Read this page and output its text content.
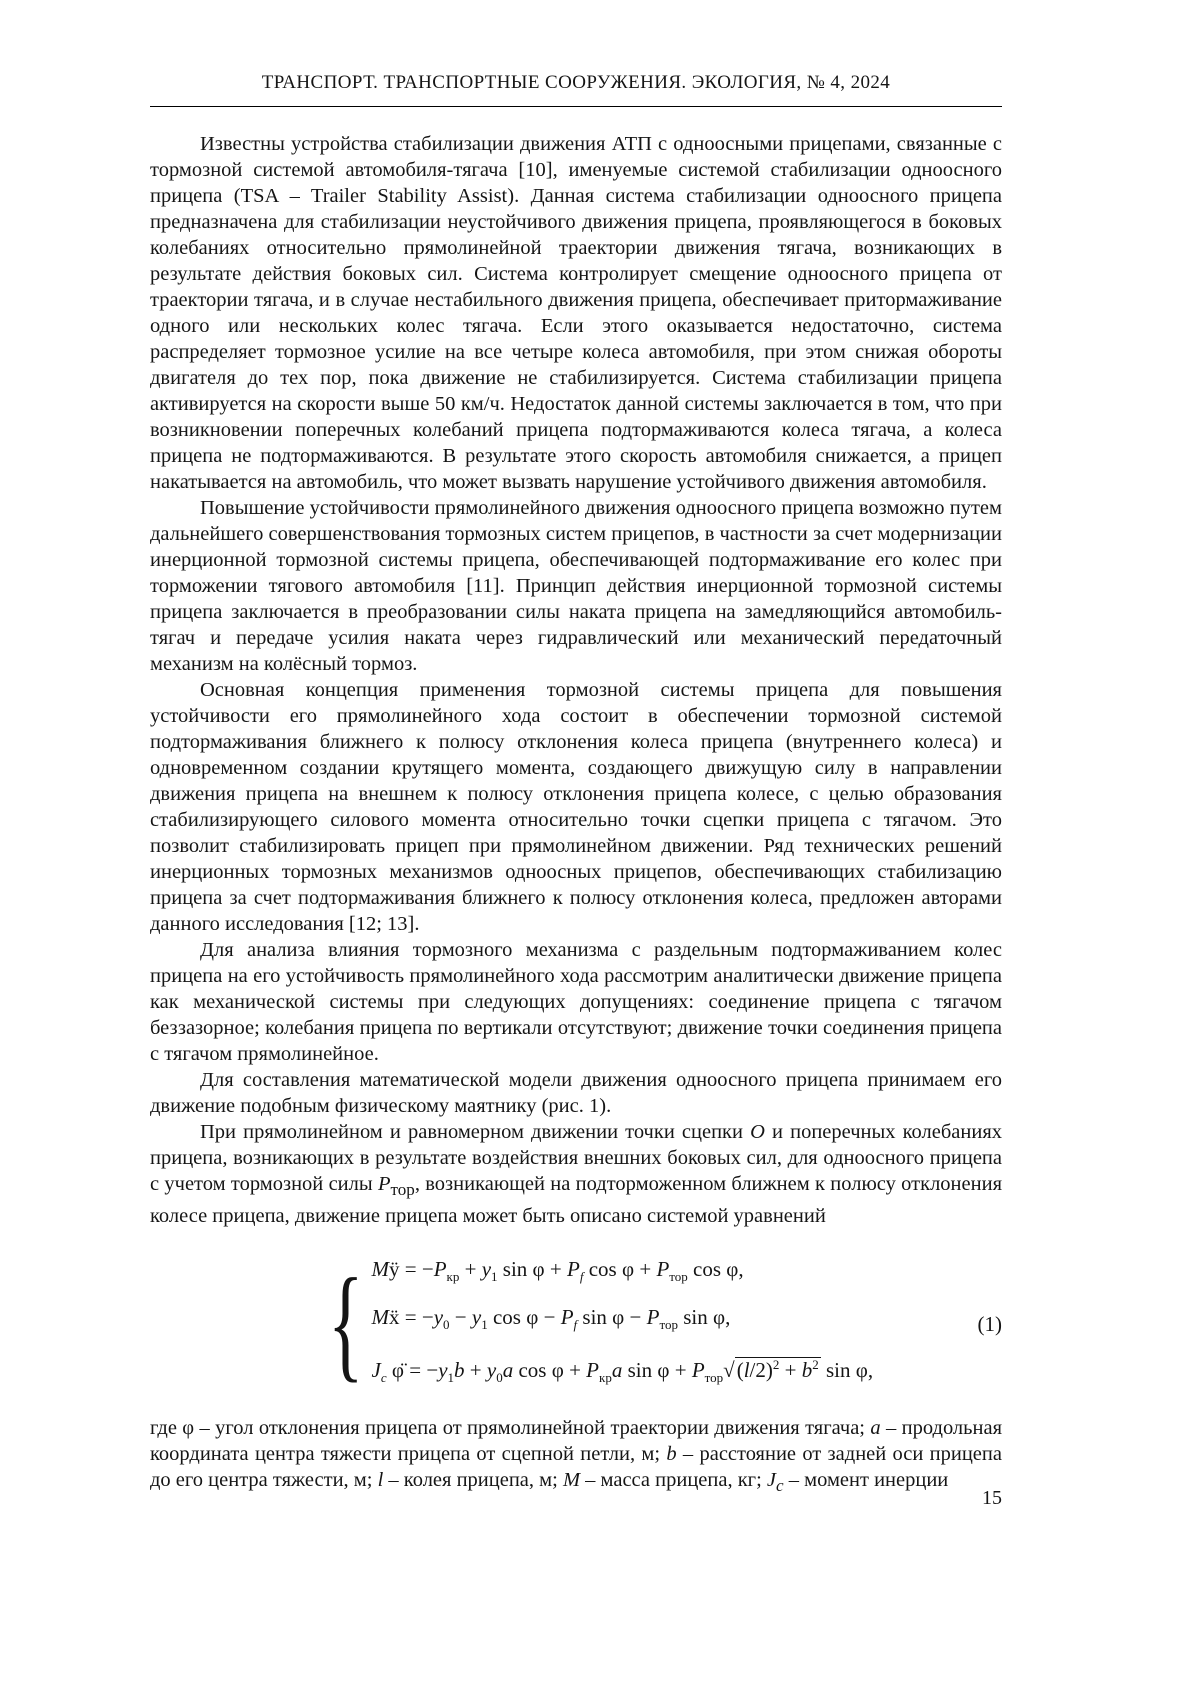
ТРАНСПОРТ. ТРАНСПОРТНЫЕ СООРУЖЕНИЯ. ЭКОЛОГИЯ, № 4, 2024

Известны устройства стабилизации движения АТП с одноосными прицепами, связанные с тормозной системой автомобиля-тягача [10], именуемые системой стабилизации одноосного прицепа (TSA – Trailer Stability Assist). Данная система стабилизации одноосного прицепа предназначена для стабилизации неустойчивого движения прицепа, проявляющегося в боковых колебаниях относительно прямолинейной траектории движения тягача, возникающих в результате действия боковых сил. Система контролирует смещение одноосного прицепа от траектории тягача, и в случае нестабильного движения прицепа, обеспечивает притормаживание одного или нескольких колес тягача. Если этого оказывается недостаточно, система распределяет тормозное усилие на все четыре колеса автомобиля, при этом снижая обороты двигателя до тех пор, пока движение не стабилизируется. Система стабилизации прицепа активируется на скорости выше 50 км/ч. Недостаток данной системы заключается в том, что при возникновении поперечных колебаний прицепа подтормаживаются колеса тягача, а колеса прицепа не подтормаживаются. В результате этого скорость автомобиля снижается, а прицеп накатывается на автомобиль, что может вызвать нарушение устойчивого движения автомобиля.

Повышение устойчивости прямолинейного движения одноосного прицепа возможно путем дальнейшего совершенствования тормозных систем прицепов, в частности за счет модернизации инерционной тормозной системы прицепа, обеспечивающей подтормаживание его колес при торможении тягового автомобиля [11]. Принцип действия инерционной тормозной системы прицепа заключается в преобразовании силы наката прицепа на замедляющийся автомобиль-тягач и передаче усилия наката через гидравлический или механический передаточный механизм на колёсный тормоз.

Основная концепция применения тормозной системы прицепа для повышения устойчивости его прямолинейного хода состоит в обеспечении тормозной системой подтормаживания ближнего к полюсу отклонения колеса прицепа (внутреннего колеса) и одновременном создании крутящего момента, создающего движущую силу в направлении движения прицепа на внешнем к полюсу отклонения прицепа колесе, с целью образования стабилизирующего силового момента относительно точки сцепки прицепа с тягачом. Это позволит стабилизировать прицеп при прямолинейном движении. Ряд технических решений инерционных тормозных механизмов одноосных прицепов, обеспечивающих стабилизацию прицепа за счет подтормаживания ближнего к полюсу отклонения колеса, предложен авторами данного исследования [12; 13].

Для анализа влияния тормозного механизма с раздельным подтормаживанием колес прицепа на его устойчивость прямолинейного хода рассмотрим аналитически движение прицепа как механической системы при следующих допущениях: соединение прицепа с тягачом беззазорное; колебания прицепа по вертикали отсутствуют; движение точки соединения прицепа с тягачом прямолинейное.

Для составления математической модели движения одноосного прицепа принимаем его движение подобным физическому маятнику (рис. 1).

При прямолинейном и равномерном движении точки сцепки O и поперечных колебаниях прицепа, возникающих в результате воздействия внешних боковых сил, для одноосного прицепа с учетом тормозной силы $P_{тор}$, возникающей на подторможенном ближнем к полюсу отклонения колесе прицепа, движение прицепа может быть описано системой уравнений

{ Mÿ = $-P_{кр} + y_1$ $\sin \varphi + P_f$ $\cos \varphi + P_{тор}$ cos φ,
Mẍ = $-y_0 - y_1$ $\cos \varphi - P_f$ $\sin \varphi - P_{тор}$ sin φ,
$J_c$ φ̈ = $-y_1b + y_0a$ $\cos \varphi + P_{кр}a$ $\sin \varphi + P_{тор}√(l/2)^2 + b^2$ sin φ,
(1)

где φ – угол отклонения прицепа от прямолинейной траектории движения тягача; a – продольная координата центра тяжести прицепа от сцепной петли, м; b – расстояние от задней оси прицепа до его центра тяжести, м; l – колея прицепа, м; M – масса прицепа, кг; $J_c$ – момент инерции

15
